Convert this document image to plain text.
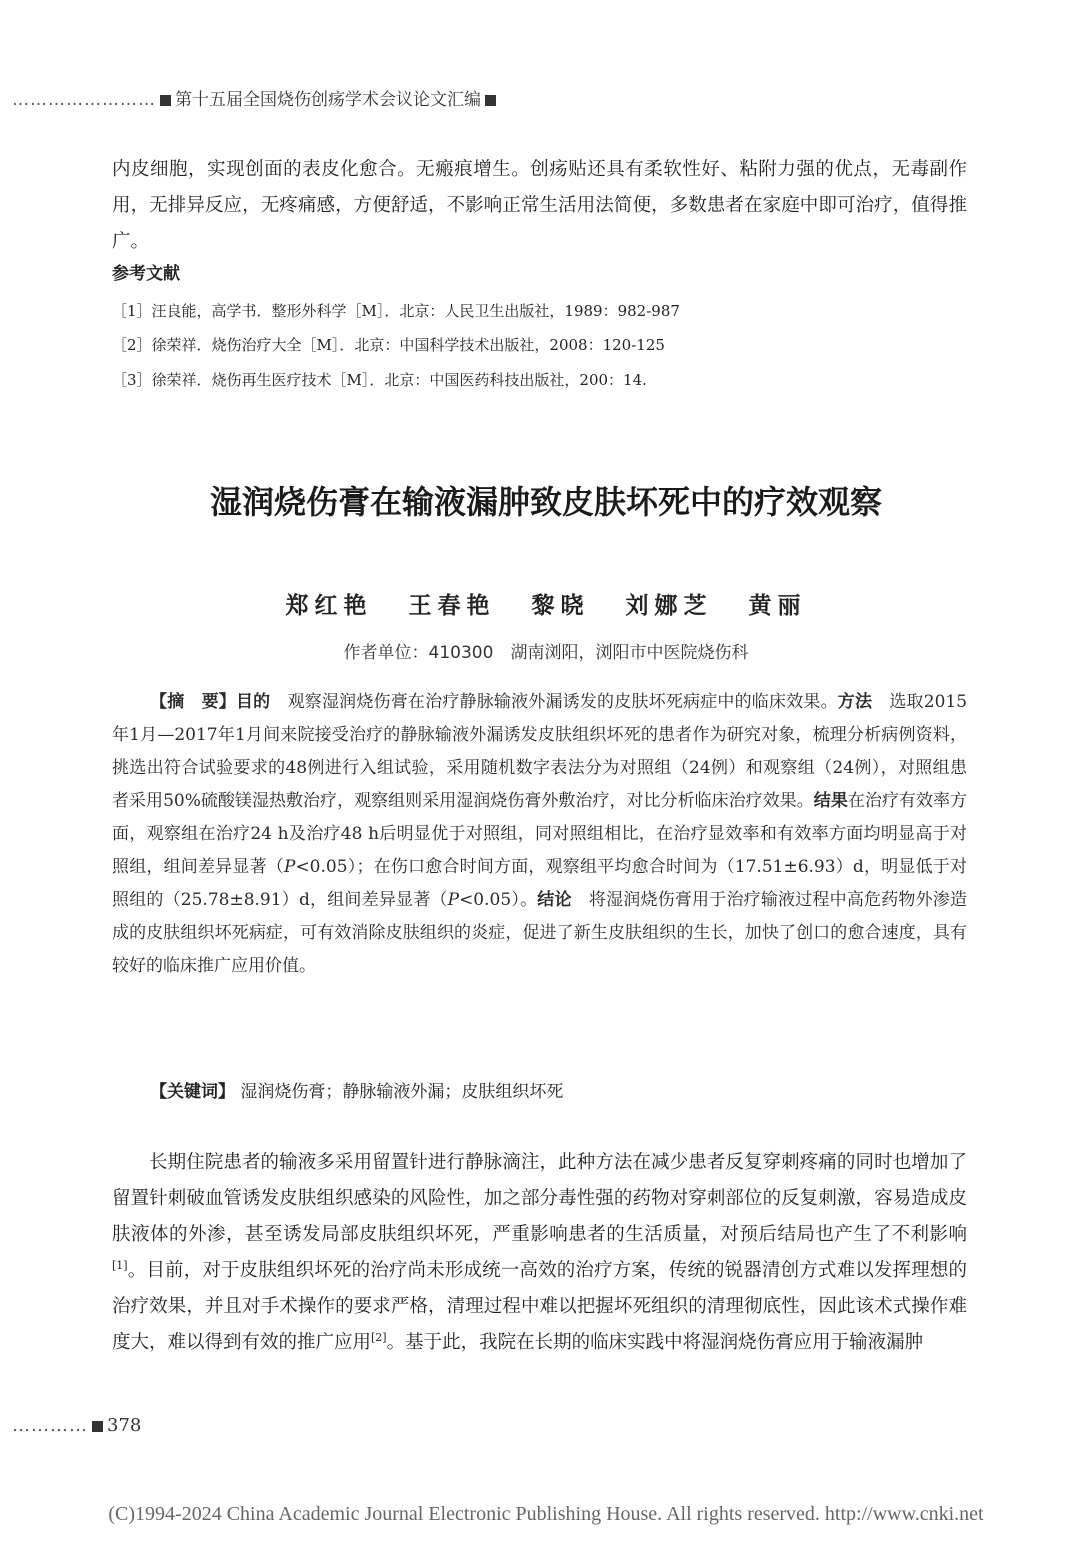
…………………… 第十五届全国烧伤创疡学术会议论文汇编

内皮细胞，实现创面的表皮化愈合。无瘢痕增生。创疡贴还具有柔软性好、粘附力强的优点，无毒副作用，无排异反应，无疼痛感，方便舒适，不影响正常生活用法简便，多数患者在家庭中即可治疗，值得推广。

参考文献

［1］汪良能，高学书．整形外科学［M］．北京：人民卫生出版社，1989：982-987

［2］徐荣祥．烧伤治疗大全［M］．北京：中国科学技术出版社，2008：120-125

［3］徐荣祥．烧伤再生医疗技术［M］．北京：中国医药科技出版社，200：14.

湿润烧伤膏在输液漏肿致皮肤坏死中的疗效观察

郑红艳 王春艳 黎晓 刘娜芝 黄丽

作者单位：410300　湖南浏阳，浏阳市中医院烧伤科

【摘　要】目的　观察湿润烧伤膏在治疗静脉输液外漏诱发的皮肤坏死病症中的临床效果。方法　选取2015年1月—2017年1月间来院接受治疗的静脉输液外漏诱发皮肤组织坏死的患者作为研究对象，梳理分析病例资料，挑选出符合试验要求的48例进行入组试验，采用随机数字表法分为对照组（24例）和观察组（24例），对照组患者采用50%硫酸镁湿热敷治疗，观察组则采用湿润烧伤膏外敷治疗，对比分析临床治疗效果。结果在治疗有效率方面，观察组在治疗24 h及治疗48 h后明显优于对照组，同对照组相比，在治疗显效率和有效率方面均明显高于对照组，组间差异显著（P<0.05）；在伤口愈合时间方面，观察组平均愈合时间为（17.51±6.93）d，明显低于对照组的（25.78±8.91）d，组间差异显著（P<0.05）。结论　将湿润烧伤膏用于治疗输液过程中高危药物外渗造成的皮肤组织坏死病症，可有效消除皮肤组织的炎症，促进了新生皮肤组织的生长，加快了创口的愈合速度，具有较好的临床推广应用价值。

【关键词】 湿润烧伤膏；静脉输液外漏；皮肤组织坏死

长期住院患者的输液多采用留置针进行静脉滴注，此种方法在减少患者反复穿刺疼痛的同时也增加了留置针刺破血管诱发皮肤组织感染的风险性，加之部分毒性强的药物对穿刺部位的反复刺激，容易造成皮肤液体的外渗，甚至诱发局部皮肤组织坏死，严重影响患者的生活质量，对预后结局也产生了不利影响[1]。目前，对于皮肤组织坏死的治疗尚未形成统一高效的治疗方案，传统的锐器清创方式难以发挥理想的治疗效果，并且对手术操作的要求严格，清理过程中难以把握坏死组织的清理彻底性，因此该术式操作难度大，难以得到有效的推广应用[2]。基于此，我院在长期的临床实践中将湿润烧伤膏应用于输液漏肿

………… 378
(C)1994-2024 China Academic Journal Electronic Publishing House. All rights reserved. http://www.cnki.net
